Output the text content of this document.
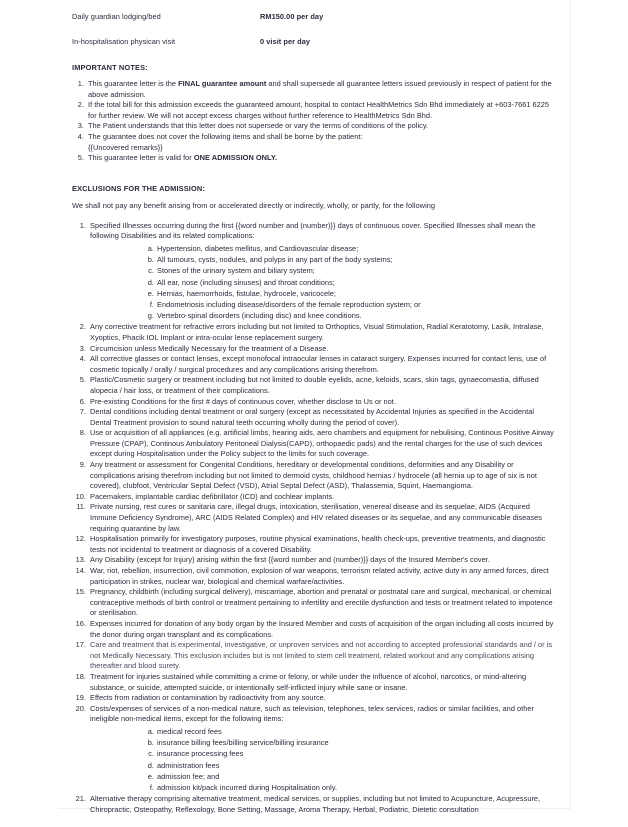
Daily guardian lodging/bed	RM150.00 per day
In-hospitalisation physican visit	0 visit per day
IMPORTANT NOTES:
1. This guarantee letter is the FINAL guarantee amount and shall supersede all guarantee letters issued previously in respect of patient for the above admission.
2. If the total bill for this admission exceeds the guaranteed amount, hospital to contact HealthMetrics Sdn Bhd immediately at +603-7661 6225 for further review. We will not accept excess charges without further reference to HealthMetrics Sdn Bhd.
3. The Patient understands that this letter does not supersede or vary the terms of conditions of the policy.
4. The guarantee does not cover the following items and shall be borne by the patient:
{{Uncovered remarks}}
5. This guarantee letter is valid for ONE ADMISSION ONLY.
EXCLUSIONS FOR THE ADMISSION:

We shall not pay any benefit arising from or accelerated directly or indirectly, wholly, or partly, for the following

1. Specified Illnesses occurring during the first {{word number and (number)}} days of continuous cover. Specified Illnesses shall mean the following Disabilities and its related complications:
a. Hypertension, diabetes mellitus, and Cardiovascular disease;
b. All tumours, cysts, nodules, and polyps in any part of the body systems;
c. Stones of the urinary system and biliary system;
d. All ear, nose (including sinuses) and throat conditions;
e. Hernias, haemorrhoids, fistulae, hydrocele, varicocele;
f. Endometriosis including disease/disorders of the female reproduction system; or
g. Vertebro-spinal disorders (including disc) and knee conditions.
2. Any corrective treatment for refractive errors including but not limited to Orthoptics, Visual Stimulation, Radial Keratotomy, Lasik, Intralase, Xyoptics, Phacik IOL Implant or intra-ocular lense replacement surgery.
3. Circumcision unless Medically Necessary for the treatment of a Disease.
4. All corrective glasses or contact lenses, except monofocal intraocular lenses in cataract surgery. Expenses incurred for contact lens, use of cosmetic topically / orally / surgical procedures and any complications arising therefrom.
5. Plastic/Cosmetic surgery or treatment including but not limited to double eyelids, acne, keloids, scars, skin tags, gynaecomastia, diffused alopecia / hair loss, or treatment of their complications.
6. Pre-existing Conditions for the first # days of continuous cover, whether disclose to Us or not.
7. Dental conditions including dental treatment or oral surgery (except as necessitated by Accidental Injuries as specified in the Accidental Dental Treatment provision to sound natural teeth occurring wholly during the period of cover).
8. Use or acquisition of all appliances (e.g. artificial limbs, hearing aids, aero chambers and equipment for nebulising, Continous Positive Airway Pressure (CPAP), Continous Ambulatory Peritoneal Dialysis(CAPD), orthopaedic pads) and the rental charges for the use of such devices except during Hospitalisation under the Policy subject to the limits for such coverage.
9. Any treatment or assessment for Congenital Conditions, hereditary or developmental conditions, deformities and any Disability or complications arising therefrom including but not limited to dermoid cysts, childhood hernias / hydrocele (all hernia up to age of six is not covered), clubfoot, Ventricular Septal Defect (VSD), Atrial Septal Defect (ASD), Thalassemia, Squint, Haemangioma.
10. Pacemakers, implantable cardiac defibrillator (ICD) and cochlear implants.
11. Private nursing, rest cures or sanitaria care, illegal drugs, intoxication, sterilisation, venereal disease and its sequelae, AIDS (Acquired Immune Deficiency Syndrome), ARC (AIDS Related Complex) and HIV related diseases or its sequelae, and any communicable diseases requiring quarantine by law.
12. Hospitalisation primarily for investigatory purposes, routine physical examinations, health check-ups, preventive treatments, and diagnostic tests not incidental to treatment or diagnosis of a covered Disability.
13. Any Disability (except for Injury) arising within the first {{word number and (number)}} days of the Insured Member's cover.
14. War, riot, rebellion, insurrection, civil commotion, explosion of war weapons, terrorism related activity, active duty in any armed forces, direct participation in strikes, nuclear war, biological and chemical warfare/activities.
15. Pregnancy, childbirth (including surgical delivery), miscarriage, abortion and prenatal or postnatal care and surgical, mechanical, or chemical contraceptive methods of birth control or treatment pertaining to infertility and erectile dysfunction and tests or treatment related to impotence or sterilisation.
16. Expenses incurred for donation of any body organ by the Insured Member and costs of acquisition of the organ including all costs incurred by the donor during organ transplant and its complications.
17. Care and treatment that is experimental, investigative, or unproven services and not according to accepted professional standards and / or is not Medically Necessary. This exclusion includes but is not limited to stem cell treatment, related workout and any complications arising thereafter and blood surety.
18. Treatment for injuries sustained while committing a crime or felony, or while under the influence of alcohol, narcotics, or mind-altering substance, or suicide, attempted suicide, or intentionally self-inflicted injury while sane or insane.
19. Effects from radiation or contamination by radioactivity from any source.
20. Costs/expenses of services of a non-medical nature, such as television, telephones, telex services, radios or similar facilities, and other ineligible non-medical items, except for the following items:
a. medical record fees
b. insurance billing fees/billing service/billing insurance
c. insurance processing fees
d. administration fees
e. admission fee; and
f. admission kit/pack incurred during Hospitalisation only.
21. Alternative therapy comprising alternative treatment, medical services, or supplies, including but not limited to Acupuncture, Acupressure, Chiropractic, Osteopathy, Reflexology, Bone Setting, Massage, Aroma Therapy, Herbal, Podiatric, Dietetic consultation
